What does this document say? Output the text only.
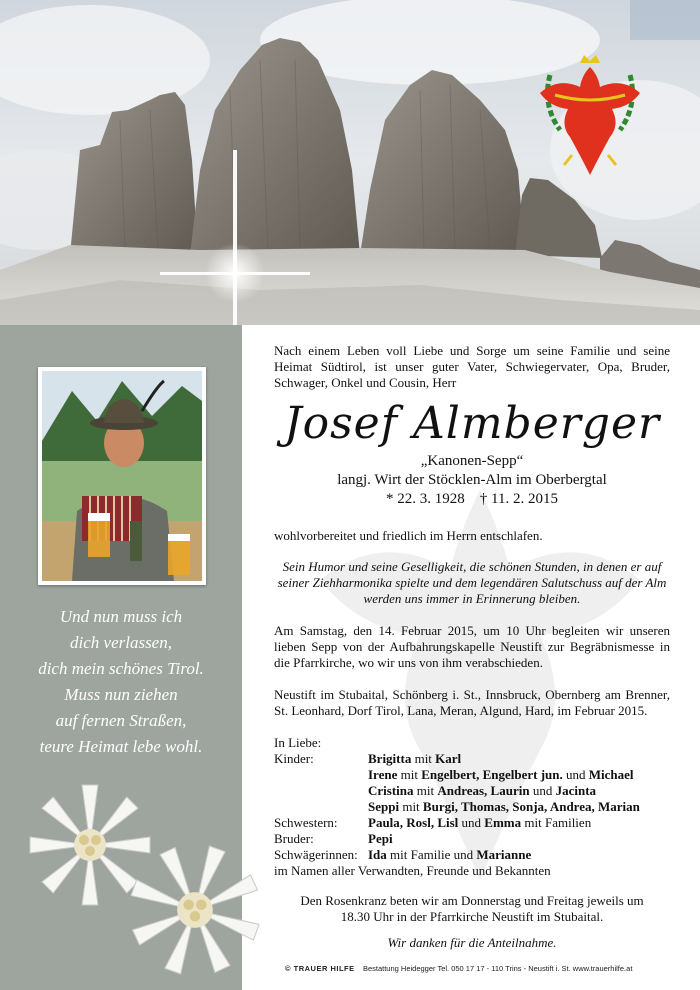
Und nun muss ich
dich verlassen,
dich mein schönes Tirol.
Muss nun ziehen
auf fernen Straßen,
teure Heimat lebe wohl.
Nach einem Leben voll Liebe und Sorge um seine Familie und seine Heimat Südtirol, ist unser guter Vater, Schwiegervater, Opa, Bruder, Schwager, Onkel und Cousin, Herr
Josef Almberger
„Kanonen-Sepp“
langj. Wirt der Stöcklen-Alm im Oberbergtal
* 22. 3. 1928 † 11. 2. 2015
wohlvorbereitet und friedlich im Herrn entschlafen.
Sein Humor und seine Geselligkeit, die schönen Stunden, in denen er auf seiner Ziehharmonika spielte und dem legendären Salutschuss auf der Alm werden uns immer in Erinnerung bleiben.
Am Samstag, den 14. Februar 2015, um 10 Uhr begleiten wir unseren lieben Sepp von der Aufbahrungskapelle Neustift zur Begräbnismesse in die Pfarrkirche, wo wir uns von ihm verabschieden.
Neustift im Stubaital, Schönberg i. St., Innsbruck, Obernberg am Brenner, St. Leonhard, Dorf Tirol, Lana, Meran, Algund, Hard, im Februar 2015.
In Liebe:
Kinder:	Brigitta mit Karl
Irene mit Engelbert, Engelbert jun. und Michael
Cristina mit Andreas, Laurin und Jacinta
Seppi mit Burgi, Thomas, Sonja, Andrea, Marian

Schwestern:	Paula, Rosl, Lisl und Emma mit Familien
Bruder:	Pepi
Schwägerinnen:	Ida mit Familie und Marianne
im Namen aller Verwandten, Freunde und Bekannten
Den Rosenkranz beten wir am Donnerstag und Freitag jeweils um 18.30 Uhr in der Pfarrkirche Neustift im Stubaital.
Wir danken für die Anteilnahme.
© TRAUER HILFE Bestattung Heidegger Tel. 050 17 17 - 110 Trins - Neustift i. St. www.trauerhilfe.at
